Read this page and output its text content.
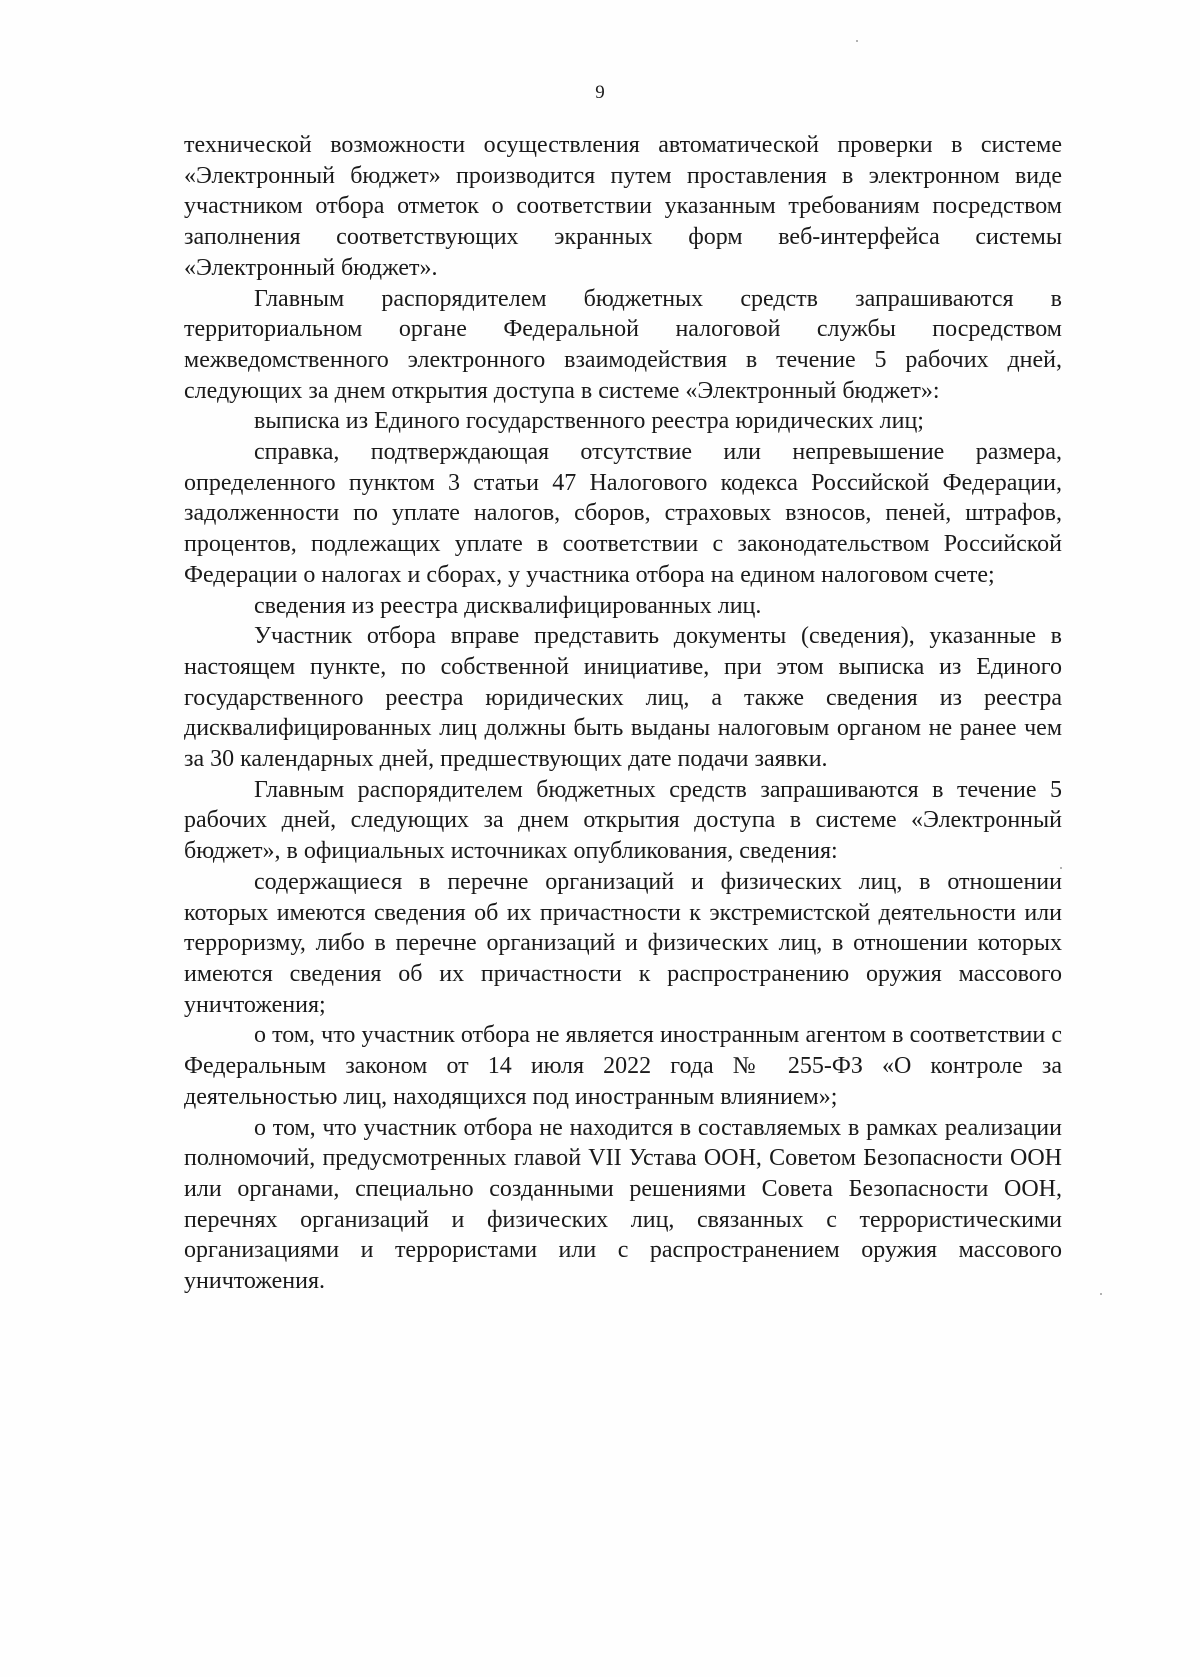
9

технической возможности осуществления автоматической проверки в системе «Электронный бюджет» производится путем проставления в электронном виде участником отбора отметок о соответствии указанным требованиям посредством заполнения соответствующих экранных форм веб-интерфейса системы «Электронный бюджет».

Главным распорядителем бюджетных средств запрашиваются в территориальном органе Федеральной налоговой службы посредством межведомственного электронного взаимодействия в течение 5 рабочих дней, следующих за днем открытия доступа в системе «Электронный бюджет»:

выписка из Единого государственного реестра юридических лиц;

справка, подтверждающая отсутствие или непревышение размера, определенного пунктом 3 статьи 47 Налогового кодекса Российской Федерации, задолженности по уплате налогов, сборов, страховых взносов, пеней, штрафов, процентов, подлежащих уплате в соответствии с законодательством Российской Федерации о налогах и сборах, у участника отбора на едином налоговом счете;

сведения из реестра дисквалифицированных лиц.

Участник отбора вправе представить документы (сведения), указанные в настоящем пункте, по собственной инициативе, при этом выписка из Единого государственного реестра юридических лиц, а также сведения из реестра дисквалифицированных лиц должны быть выданы налоговым органом не ранее чем за 30 календарных дней, предшествующих дате подачи заявки.

Главным распорядителем бюджетных средств запрашиваются в течение 5 рабочих дней, следующих за днем открытия доступа в системе «Электронный бюджет», в официальных источниках опубликования, сведения:

содержащиеся в перечне организаций и физических лиц, в отношении которых имеются сведения об их причастности к экстремистской деятельности или терроризму, либо в перечне организаций и физических лиц, в отношении которых имеются сведения об их причастности к распространению оружия массового уничтожения;

о том, что участник отбора не является иностранным агентом в соответствии с Федеральным законом от 14 июля 2022 года № 255-ФЗ «О контроле за деятельностью лиц, находящихся под иностранным влиянием»;

о том, что участник отбора не находится в составляемых в рамках реализации полномочий, предусмотренных главой VII Устава ООН, Советом Безопасности ООН или органами, специально созданными решениями Совета Безопасности ООН, перечнях организаций и физических лиц, связанных с террористическими организациями и террористами или с распространением оружия массового уничтожения.
